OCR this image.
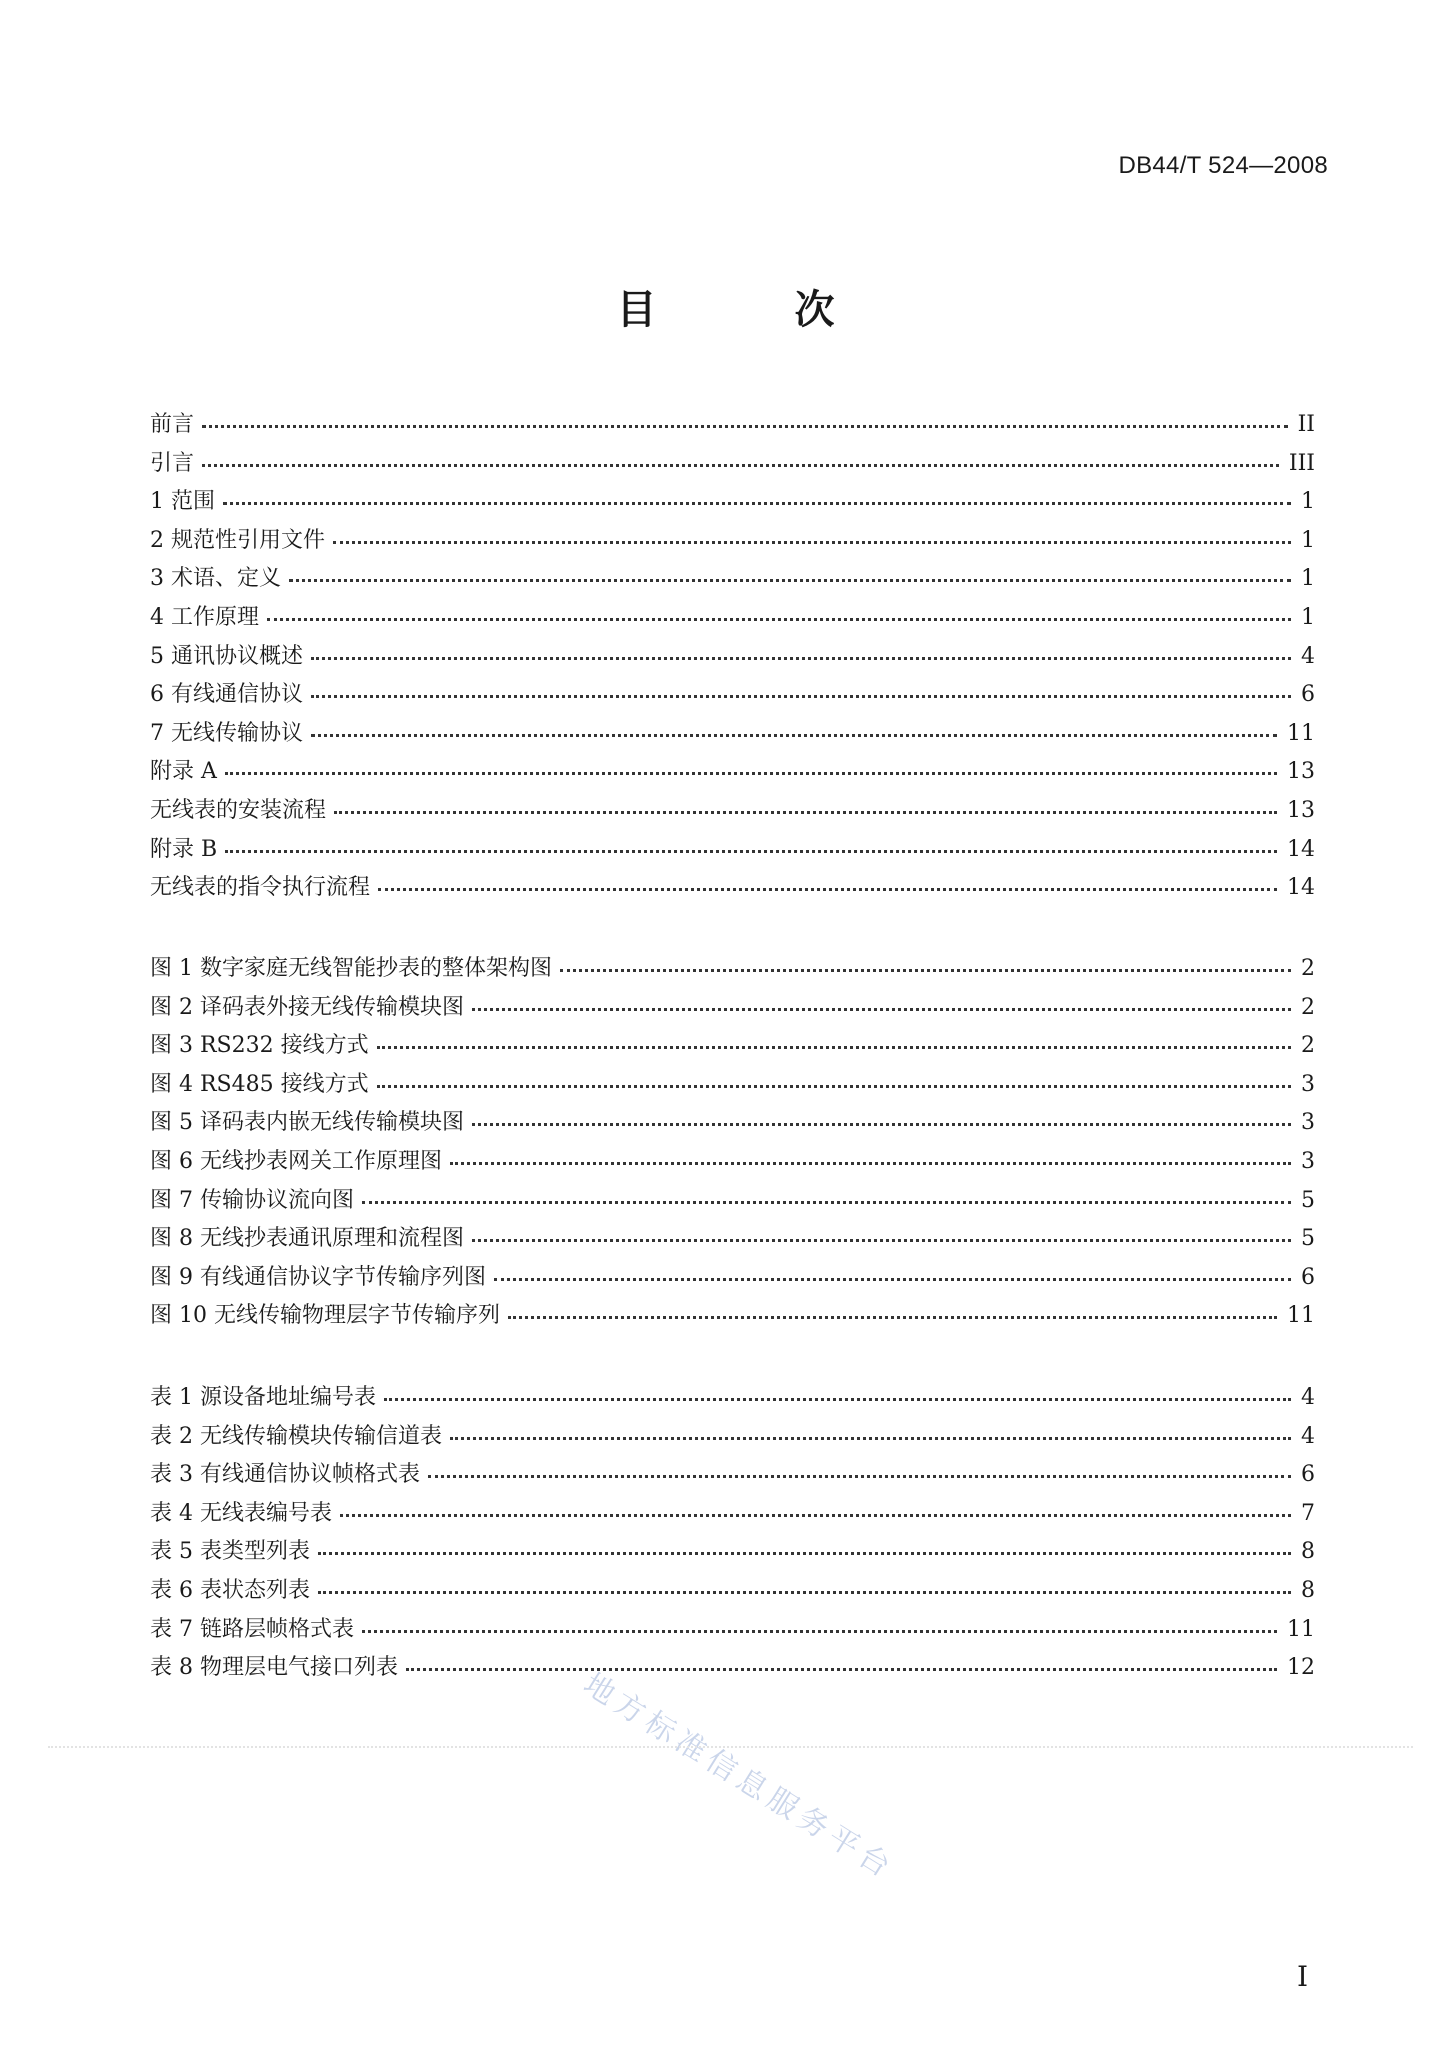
DB44/T 524—2008
目 次
前言	II
引言	III
1 范围	1
2 规范性引用文件	1
3 术语、定义	1
4 工作原理	1
5 通讯协议概述	4
6 有线通信协议	6
7 无线传输协议	11
附录 A	13
无线表的安装流程	13
附录 B	14
无线表的指令执行流程	14
图 1 数字家庭无线智能抄表的整体架构图	2
图 2 译码表外接无线传输模块图	2
图 3 RS232 接线方式	2
图 4 RS485 接线方式	3
图 5 译码表内嵌无线传输模块图	3
图 6 无线抄表网关工作原理图	3
图 7 传输协议流向图	5
图 8 无线抄表通讯原理和流程图	5
图 9 有线通信协议字节传输序列图	6
图 10 无线传输物理层字节传输序列	11
表 1 源设备地址编号表	4
表 2 无线传输模块传输信道表	4
表 3 有线通信协议帧格式表	6
表 4 无线表编号表	7
表 5 表类型列表	8
表 6 表状态列表	8
表 7 链路层帧格式表	11
表 8 物理层电气接口列表	12
地方标准信息服务平台
I
